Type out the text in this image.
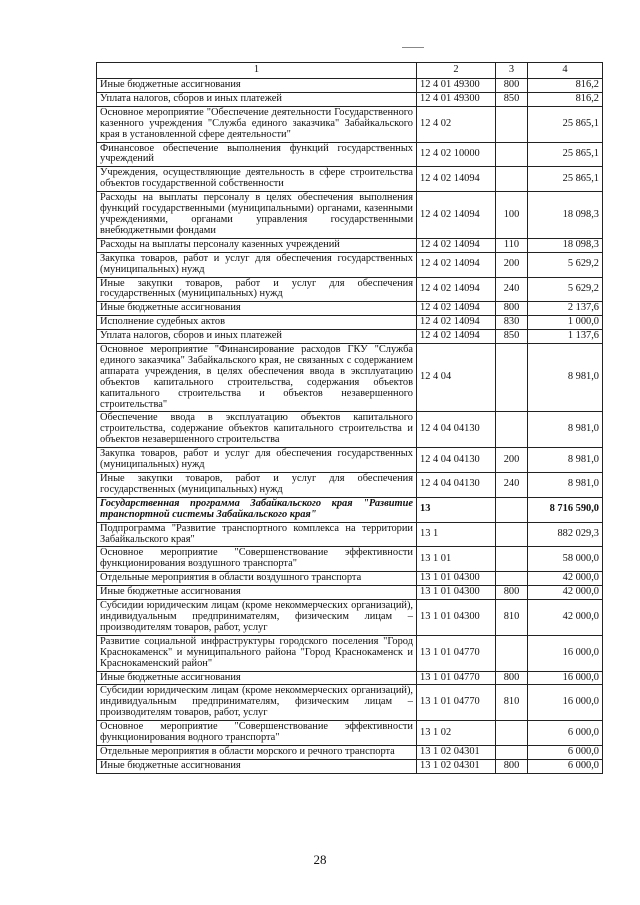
1	2	3	4
Иные бюджетные ассигнования	12 4 01 49300	800	816,2
Уплата налогов, сборов и иных платежей	12 4 01 49300	850	816,2
Основное мероприятие "Обеспечение деятельности Государственного казенного учреждения "Служба единого заказчика" Забайкальского края в установленной сфере деятельности"	12 4 02		25 865,1
Финансовое обеспечение выполнения функций государственных учреждений	12 4 02 10000		25 865,1
Учреждения, осуществляющие деятельность в сфере строительства объектов государственной собственности	12 4 02 14094		25 865,1
Расходы на выплаты персоналу в целях обеспечения выполнения функций государственными (муниципальными) органами, казенными учреждениями, органами управления государственными внебюджетными фондами	12 4 02 14094	100	18 098,3
Расходы на выплаты персоналу казенных учреждений	12 4 02 14094	110	18 098,3
Закупка товаров, работ и услуг для обеспечения государственных (муниципальных) нужд	12 4 02 14094	200	5 629,2
Иные закупки товаров, работ и услуг для обеспечения государственных (муниципальных) нужд	12 4 02 14094	240	5 629,2
Иные бюджетные ассигнования	12 4 02 14094	800	2 137,6
Исполнение судебных актов	12 4 02 14094	830	1 000,0
Уплата налогов, сборов и иных платежей	12 4 02 14094	850	1 137,6
Основное мероприятие "Финансирование расходов ГКУ "Служба единого заказчика" Забайкальского края, не связанных с содержанием аппарата учреждения, в целях обеспечения ввода в эксплуатацию объектов капитального строительства, содержания объектов капитального строительства и объектов незавершенного строительства"	12 4 04		8 981,0
Обеспечение ввода в эксплуатацию объектов капитального строительства, содержание объектов капитального строительства и объектов незавершенного строительства	12 4 04 04130		8 981,0
Закупка товаров, работ и услуг для обеспечения государственных (муниципальных) нужд	12 4 04 04130	200	8 981,0
Иные закупки товаров, работ и услуг для обеспечения государственных (муниципальных) нужд	12 4 04 04130	240	8 981,0
Государственная программа Забайкальского края "Развитие транспортной системы Забайкальского края"	13		8 716 590,0
Подпрограмма "Развитие транспортного комплекса на территории Забайкальского края"	13 1		882 029,3
Основное мероприятие "Совершенствование эффективности функционирования воздушного транспорта"	13 1 01		58 000,0
Отдельные мероприятия в области воздушного транспорта	13 1 01 04300		42 000,0
Иные бюджетные ассигнования	13 1 01 04300	800	42 000,0
Субсидии юридическим лицам (кроме некоммерческих организаций), индивидуальным предпринимателям, физическим лицам – производителям товаров, работ, услуг	13 1 01 04300	810	42 000,0
Развитие социальной инфраструктуры городского поселения "Город Краснокаменск" и муниципального района "Город Краснокаменск и Краснокаменский район"	13 1 01 04770		16 000,0
Иные бюджетные ассигнования	13 1 01 04770	800	16 000,0
Субсидии юридическим лицам (кроме некоммерческих организаций), индивидуальным предпринимателям, физическим лицам – производителям товаров, работ, услуг	13 1 01 04770	810	16 000,0
Основное мероприятие "Совершенствование эффективности функционирования водного транспорта"	13 1 02		6 000,0
Отдельные мероприятия в области морского и речного транспорта	13 1 02 04301		6 000,0
Иные бюджетные ассигнования	13 1 02 04301	800	6 000,0
28
